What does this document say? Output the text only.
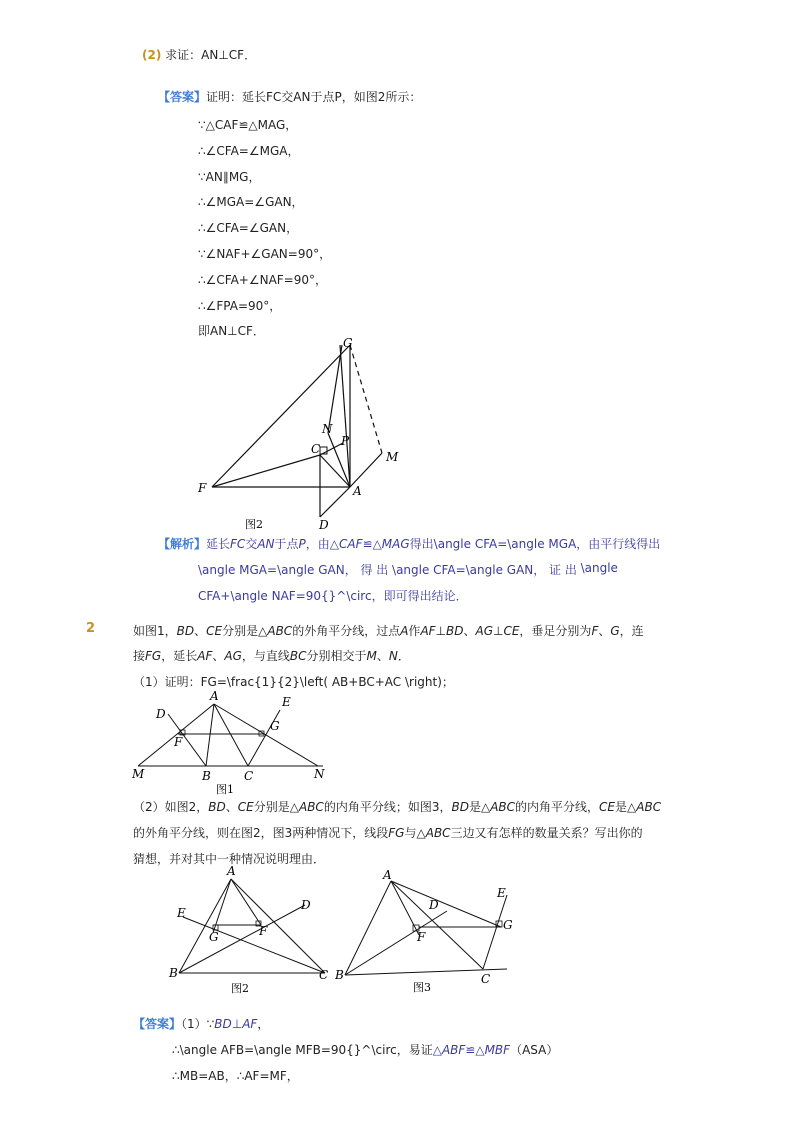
(2) 求证：AN⊥CF．
【答案】证明：延长FC交AN于点P，如图2所示：
∵△CAF≌△MAG，
∴∠CFA=∠MGA，
∵AN∥MG，
∴∠MGA=∠GAN，
∴∠CFA=∠GAN，
∵∠NAF+∠GAN=90°，
∴∠CFA+∠NAF=90°，
∴∠FPA=90°，
即AN⊥CF．
G
N
P
C
M
F	A
D
图2
【解析】延长FC交AN于点P，由△CAF≌△MAG得出\angle CFA=\angle MGA，由平行线得出
\angle MGA=\angle GAN， 得 出 \angle CFA=\angle GAN， 证 出 \angle
CFA+\angle NAF=90{}^\circ，即可得出结论．
2	如图1，BD、CE分别是△ABC的外角平分线，过点A作AF⊥BD、AG⊥CE，垂足分别为F、G，连
接FG，延长AF、AG，与直线BC分别相交于M、N．
（1）证明：FG=\frac{1}{2}\left( AB+BC+AC \right)；
A
D
E
F
G
M	B	C	N
图1
（2）如图2，BD、CE分别是△ABC的内角平分线；如图3，BD是△ABC的内角平分线，CE是△ABC
的外角平分线，则在图2，图3两种情况下，线段FG与△ABC三边又有怎样的数量关系？写出你的
猜想，并对其中一种情况说明理由．
A
E
D
G	F
B	C
图2
A
D
E
F
G
B	C
图3
【答案】（1）∵BD⊥AF，
∴\angle AFB=\angle MFB=90{}^\circ，易证△ABF≌△MBF（ASA）
∴MB=AB，∴AF=MF，
